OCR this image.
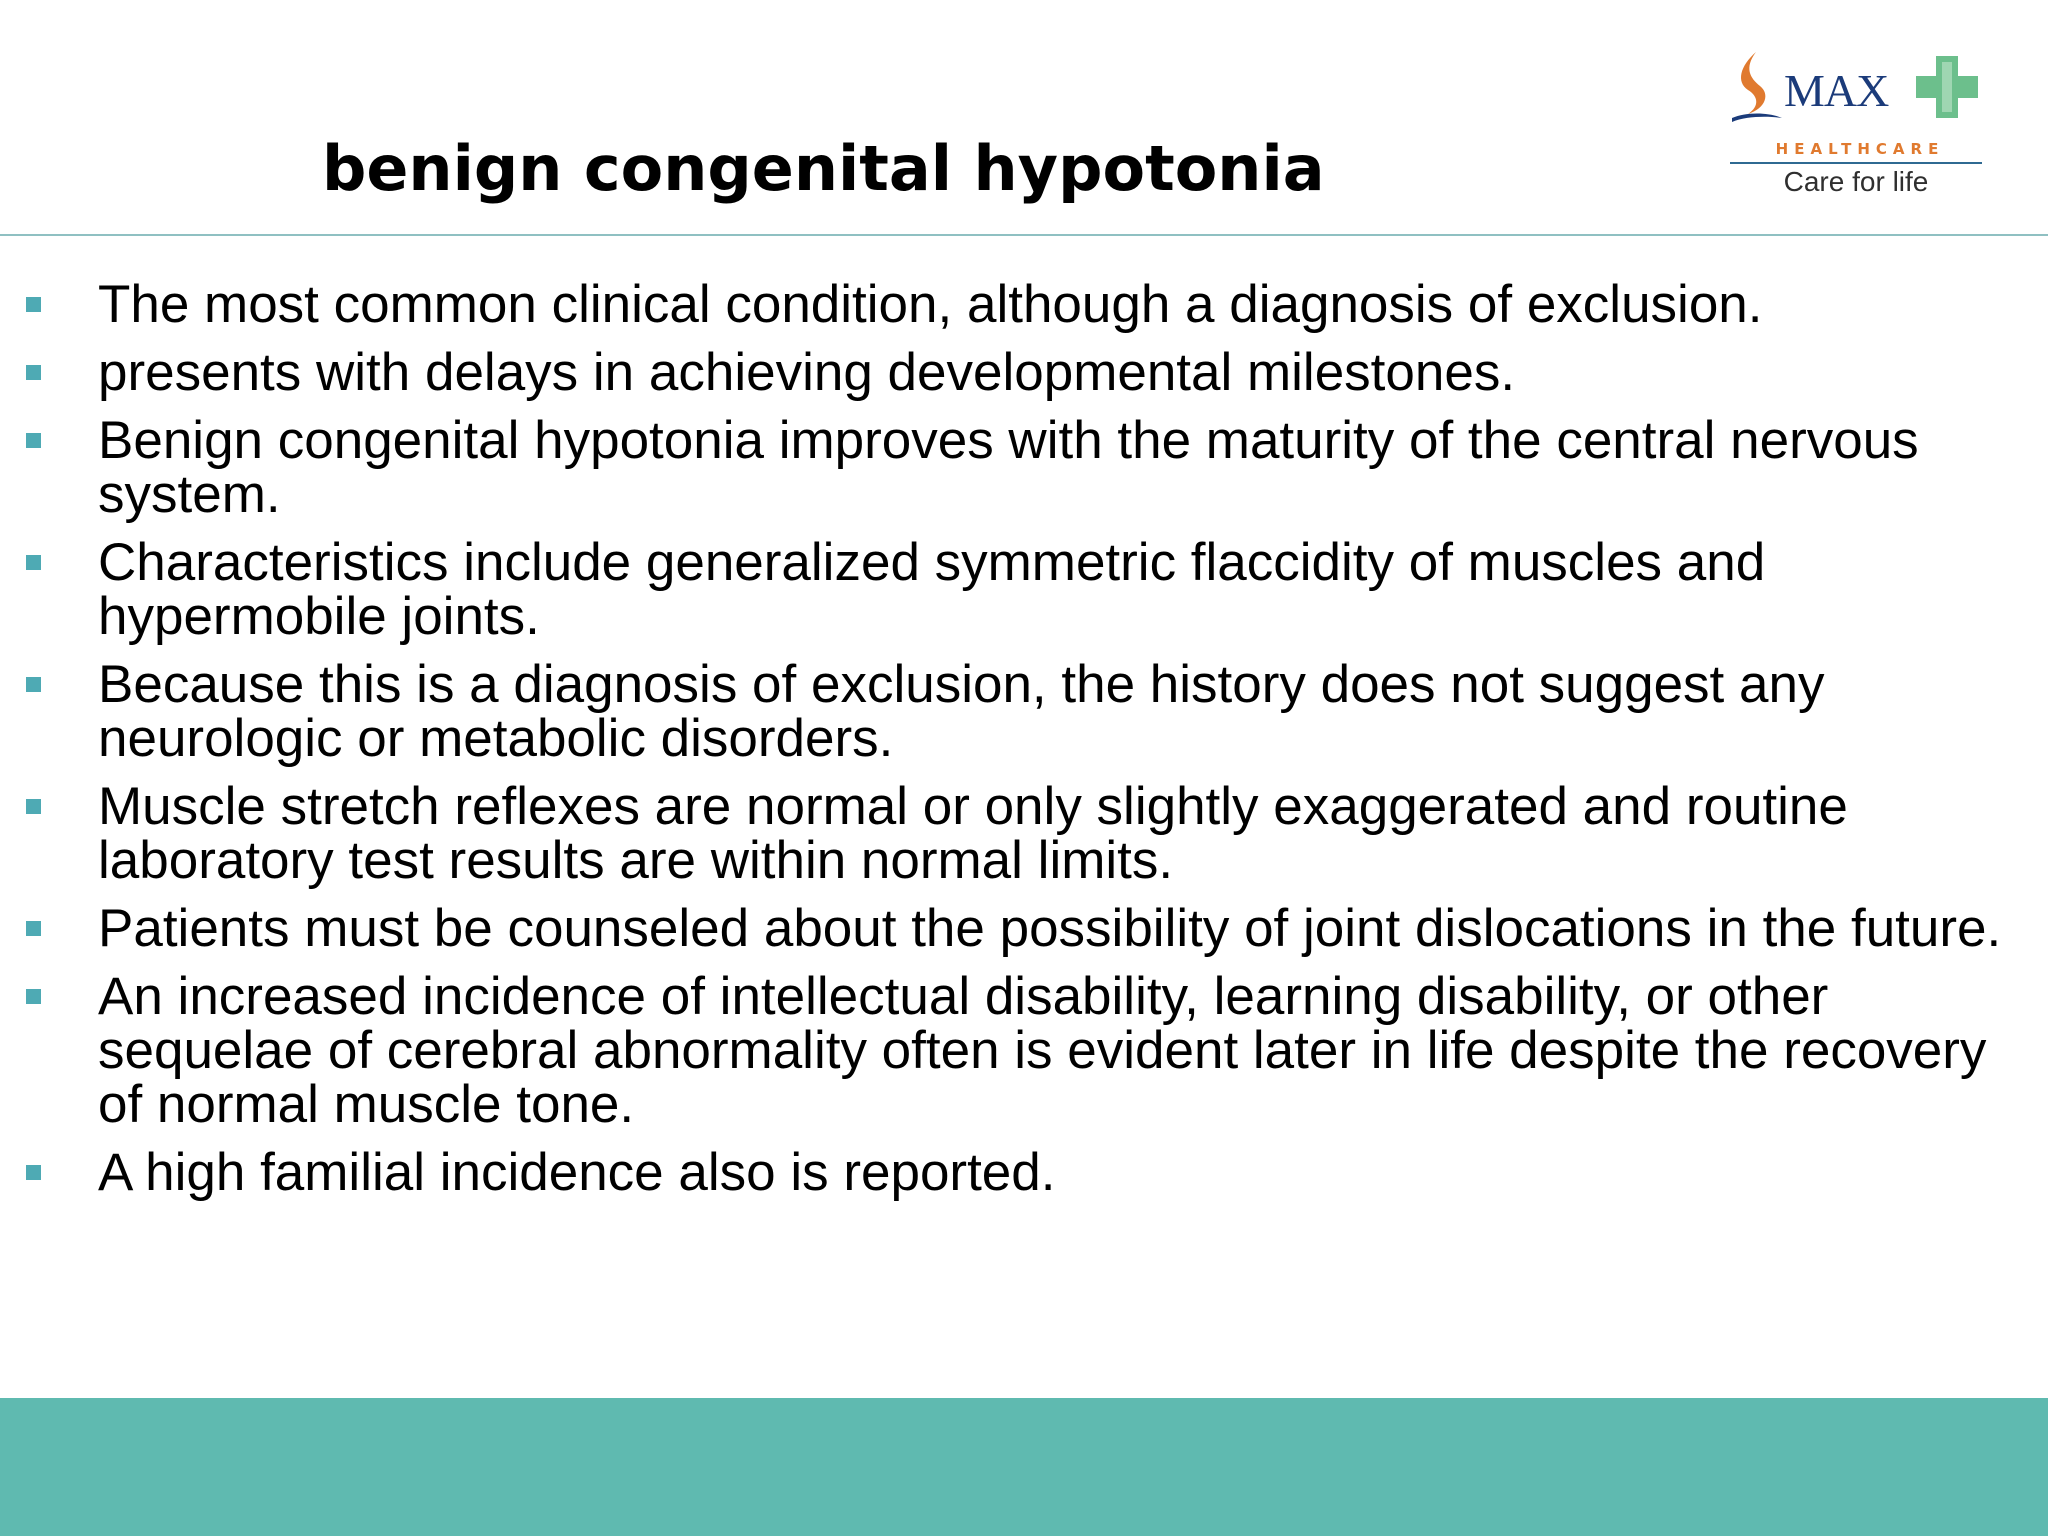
benign congenital hypotonia
MAX
HEALTHCARE
Care for life
The most common clinical condition, although a diagnosis of exclusion.
presents with delays in achieving developmental milestones.
Benign congenital hypotonia improves with the maturity of the central nervous system.
Characteristics include generalized symmetric flaccidity of muscles and hypermobile joints.
Because this is a diagnosis of exclusion, the history does not suggest any neurologic or metabolic disorders.
Muscle stretch reflexes are normal or only slightly exaggerated and routine laboratory test results are within normal limits.
Patients must be counseled about the possibility of joint dislocations in the future.
An increased incidence of intellectual disability, learning disability, or other sequelae of cerebral abnormality often is evident later in life despite the recovery of normal muscle tone.
A high familial incidence also is reported.
